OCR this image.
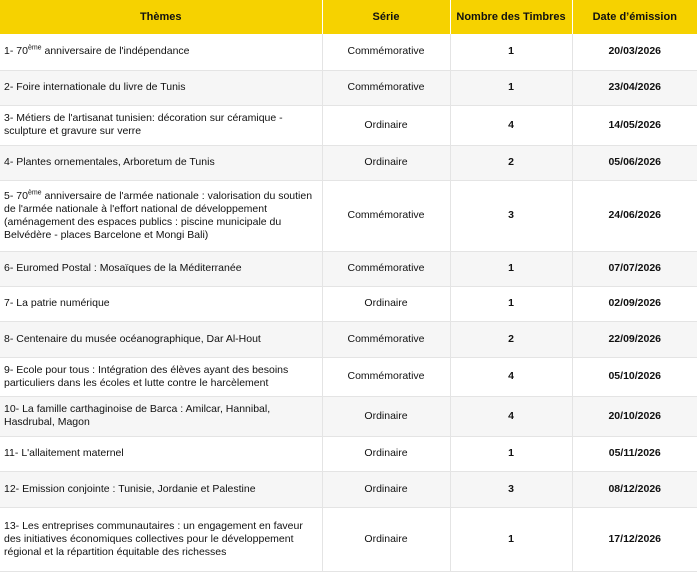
Thèmes	Série	Nombre des Timbres	Date d’émission
1- 70ème anniversaire de l'indépendance	Commémorative	1	20/03/2026
2- Foire internationale du livre de Tunis	Commémorative	1	23/04/2026
3- Métiers de l'artisanat tunisien: décoration sur céramique - sculpture et gravure sur verre	Ordinaire	4	14/05/2026
4- Plantes ornementales, Arboretum de Tunis	Ordinaire	2	05/06/2026
5- 70ème anniversaire de l'armée nationale : valorisation du soutien de l'armée nationale à l'effort national de développement (aménagement des espaces publics : piscine municipale du Belvédère - places Barcelone et Mongi Bali)	Commémorative	3	24/06/2026
6- Euromed Postal : Mosaïques de la Méditerranée	Commémorative	1	07/07/2026
7- La patrie numérique	Ordinaire	1	02/09/2026
8- Centenaire du musée océanographique, Dar Al-Hout	Commémorative	2	22/09/2026
9- Ecole pour tous : Intégration des élèves ayant des besoins particuliers dans les écoles et lutte contre le harcèlement	Commémorative	4	05/10/2026
10- La famille carthaginoise de Barca : Amilcar, Hannibal, Hasdrubal, Magon	Ordinaire	4	20/10/2026
11- L'allaitement maternel	Ordinaire	1	05/11/2026
12- Emission conjointe : Tunisie, Jordanie et Palestine	Ordinaire	3	08/12/2026
13- Les entreprises communautaires : un engagement en faveur des initiatives économiques collectives pour le développement régional et la répartition équitable des richesses	Ordinaire	1	17/12/2026
